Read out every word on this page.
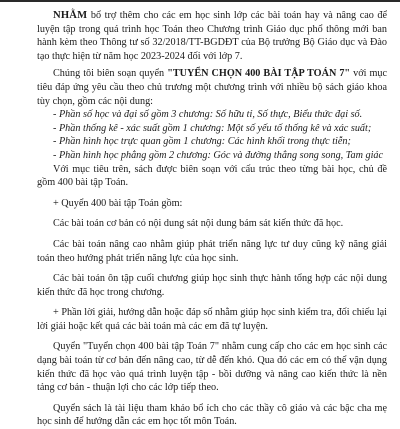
NHẰM bổ trợ thêm cho các em học sinh lớp các bài toán hay và nâng cao để luyện tập trong quá trình học Toán theo Chương trình Giáo dục phổ thông mới ban hành kèm theo Thông tư số 32/2018/TT-BGDĐT của Bộ trưởng Bộ Giáo dục và Đào tạo thực hiện từ năm học 2023-2024 đối với lớp 7.

Chúng tôi biên soạn quyển "TUYỂN CHỌN 400 BÀI TẬP TOÁN 7" với mục tiêu đáp ứng yêu cầu theo chủ trương một chương trình với nhiều bộ sách giáo khoa tùy chọn, gồm các nội dung:

- Phần số học và đại số gồm 3 chương: Số hữu tỉ, Số thực, Biểu thức đại số.
- Phần thống kê - xác suất gồm 1 chương: Một số yếu tố thống kê và xác suất;
- Phần hình học trực quan gồm 1 chương: Các hình khối trong thực tiễn;
- Phần hình học phẳng gồm 2 chương: Góc và đường thẳng song song, Tam giác

Với mục tiêu trên, sách được biên soạn với cấu trúc theo từng bài học, chủ đề gồm 400 bài tập Toán.

+ Quyển 400 bài tập Toán gồm:

Các bài toán cơ bản có nội dung sát nội dung bám sát kiến thức đã học.

Các bài toán nâng cao nhằm giúp phát triển năng lực tư duy cũng kỹ năng giải toán theo hướng phát triển năng lực của học sinh.

Các bài toán ôn tập cuối chương giúp học sinh thực hành tổng hợp các nội dung kiến thức đã học trong chương.

+ Phần lời giải, hướng dẫn hoặc đáp số nhằm giúp học sinh kiểm tra, đối chiếu lại lời giải hoặc kết quả các bài toán mà các em đã tự luyện.

Quyển "Tuyển chọn 400 bài tập Toán 7" nhằm cung cấp cho các em học sinh các dạng bài toán từ cơ bản đến nâng cao, từ dễ đến khó. Qua đó các em có thể vận dụng kiến thức đã học vào quá trình luyện tập - bồi dưỡng và nâng cao kiến thức là nền tảng cơ bản - thuận lợi cho các lớp tiếp theo.

Quyển sách là tài liệu tham khảo bổ ích cho các thầy cô giáo và các bậc cha mẹ học sinh để hướng dẫn các em học tốt môn Toán.
